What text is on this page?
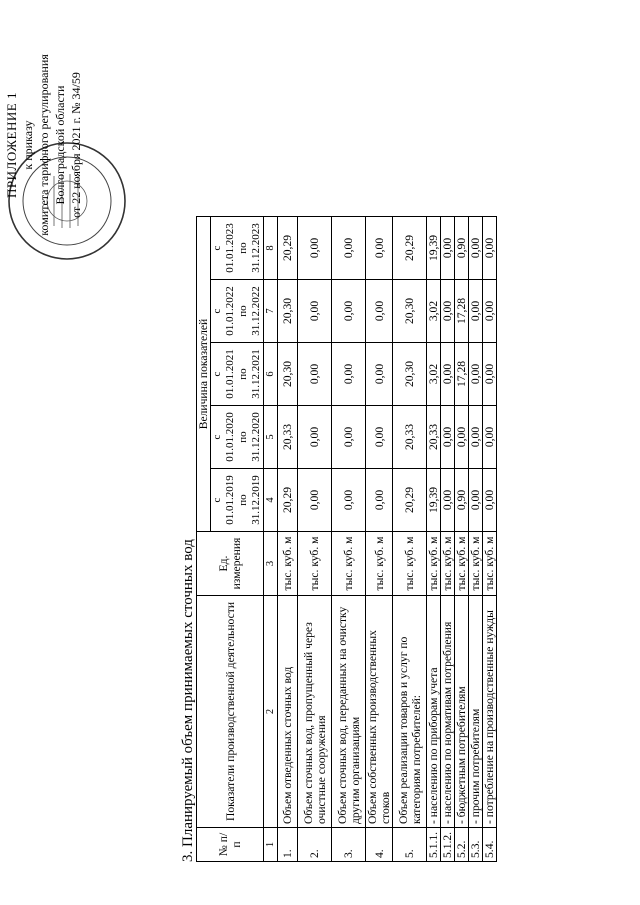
ПРИЛОЖЕНИЕ 1 к приказу комитета тарифного регулирования Волгоградской области от 22 ноября 2021 г. № 34/59
3. Планируемый объем принимаемых сточных вод № п/п	Показатели производственной деятельности	Ед. измерения	Величина показателей				
			с 01.01.2019 по 31.12.2019	с 01.01.2020 по 31.12.2020	с 01.01.2021 по 31.12.2021	с 01.01.2022 по 31.12.2022	с 01.01.2023 по 31.12.2023
1	2	3	4	5	6	7	8
1.	Объем отведенных сточных вод	тыс. куб. м	20,29	20,33	20,30	20,30	20,29
2.	Объем сточных вод, пропущенный через очистные сооружения	тыс. куб. м	0,00	0,00	0,00	0,00	0,00
3.	Объем сточных вод, переданных на очистку другим организациям	тыс. куб. м	0,00	0,00	0,00	0,00	0,00
4.	Объем собственных производственных стоков	тыс. куб. м	0,00	0,00	0,00	0,00	0,00
5.	Объем реализации товаров и услуг по категориям потребителей:	тыс. куб. м	20,29	20,33	20,30	20,30	20,29
5.1.1.	- населению по приборам учета	тыс. куб. м	19,39	20,33	3,02	3,02	19,39
5.1.2.	- населению по нормативам потребления	тыс. куб. м	0,00	0,00	0,00	0,00	0,00
5.2.	- бюджетным потребителям	тыс. куб. м	0,90	0,00	17,28	17,28	0,90
5.3.	- прочим потребителям	тыс. куб. м	0,00	0,00	0,00	0,00	0,00
5.4.	- потребление на производственные нужды	тыс. куб. м	0,00	0,00	0,00	0,00	0,00
